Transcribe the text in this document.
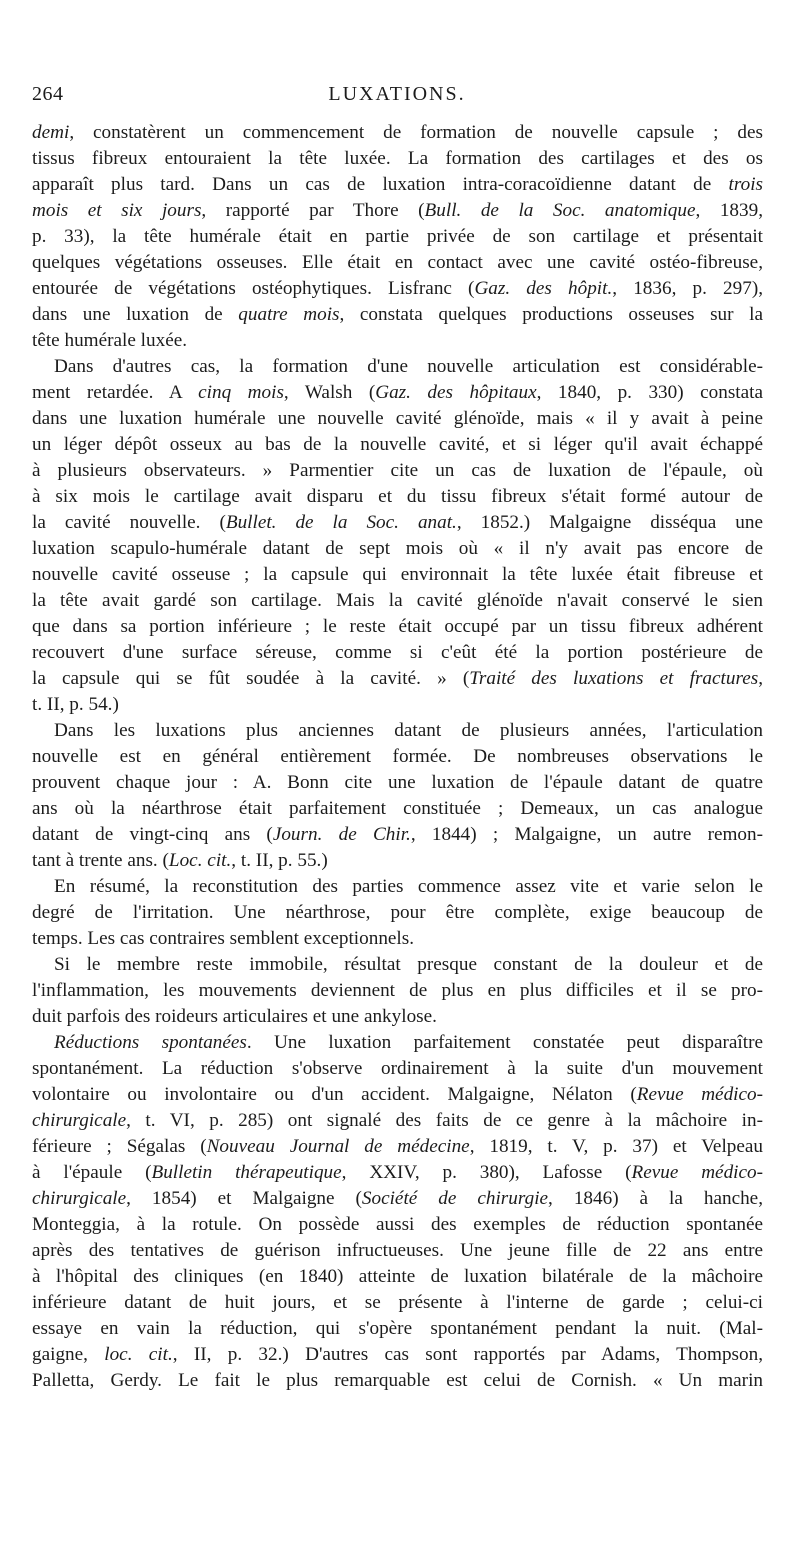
264	LUXATIONS.
demi, constatèrent un commencement de formation de nouvelle capsule ; des
tissus fibreux entouraient la tête luxée. La formation des cartilages et des os
apparaît plus tard. Dans un cas de luxation intra-coracoïdienne datant de trois
mois et six jours, rapporté par Thore (Bull. de la Soc. anatomique, 1839,
p. 33), la tête humérale était en partie privée de son cartilage et présentait
quelques végétations osseuses. Elle était en contact avec une cavité ostéo-fibreuse,
entourée de végétations ostéophytiques. Lisfranc (Gaz. des hôpit., 1836, p. 297),
dans une luxation de quatre mois, constata quelques productions osseuses sur la
tête humérale luxée.
Dans d'autres cas, la formation d'une nouvelle articulation est considérable-
ment retardée. A cinq mois, Walsh (Gaz. des hôpitaux, 1840, p. 330) constata
dans une luxation humérale une nouvelle cavité glénoïde, mais « il y avait à peine
un léger dépôt osseux au bas de la nouvelle cavité, et si léger qu'il avait échappé
à plusieurs observateurs. » Parmentier cite un cas de luxation de l'épaule, où
à six mois le cartilage avait disparu et du tissu fibreux s'était formé autour de
la cavité nouvelle. (Bullet. de la Soc. anat., 1852.) Malgaigne disséqua une
luxation scapulo-humérale datant de sept mois où « il n'y avait pas encore de
nouvelle cavité osseuse ; la capsule qui environnait la tête luxée était fibreuse et
la tête avait gardé son cartilage. Mais la cavité glénoïde n'avait conservé le sien
que dans sa portion inférieure ; le reste était occupé par un tissu fibreux adhérent
recouvert d'une surface séreuse, comme si c'eût été la portion postérieure de
la capsule qui se fût soudée à la cavité. » (Traité des luxations et fractures,
t. II, p. 54.)
Dans les luxations plus anciennes datant de plusieurs années, l'articulation
nouvelle est en général entièrement formée. De nombreuses observations le
prouvent chaque jour : A. Bonn cite une luxation de l'épaule datant de quatre
ans où la néarthrose était parfaitement constituée ; Demeaux, un cas analogue
datant de vingt-cinq ans (Journ. de Chir., 1844) ; Malgaigne, un autre remon-
tant à trente ans. (Loc. cit., t. II, p. 55.)
En résumé, la reconstitution des parties commence assez vite et varie selon le
degré de l'irritation. Une néarthrose, pour être complète, exige beaucoup de
temps. Les cas contraires semblent exceptionnels.
Si le membre reste immobile, résultat presque constant de la douleur et de
l'inflammation, les mouvements deviennent de plus en plus difficiles et il se pro-
duit parfois des roideurs articulaires et une ankylose.
Réductions spontanées. Une luxation parfaitement constatée peut disparaître
spontanément. La réduction s'observe ordinairement à la suite d'un mouvement
volontaire ou involontaire ou d'un accident. Malgaigne, Nélaton (Revue médico-
chirurgicale, t. VI, p. 285) ont signalé des faits de ce genre à la mâchoire in-
férieure ; Ségalas (Nouveau Journal de médecine, 1819, t. V, p. 37) et Velpeau
à l'épaule (Bulletin thérapeutique, XXIV, p. 380), Lafosse (Revue médico-
chirurgicale, 1854) et Malgaigne (Société de chirurgie, 1846) à la hanche,
Monteggia, à la rotule. On possède aussi des exemples de réduction spontanée
après des tentatives de guérison infructueuses. Une jeune fille de 22 ans entre
à l'hôpital des cliniques (en 1840) atteinte de luxation bilatérale de la mâchoire
inférieure datant de huit jours, et se présente à l'interne de garde ; celui-ci
essaye en vain la réduction, qui s'opère spontanément pendant la nuit. (Mal-
gaigne, loc. cit., II, p. 32.) D'autres cas sont rapportés par Adams, Thompson,
Palletta, Gerdy. Le fait le plus remarquable est celui de Cornish. « Un marin
